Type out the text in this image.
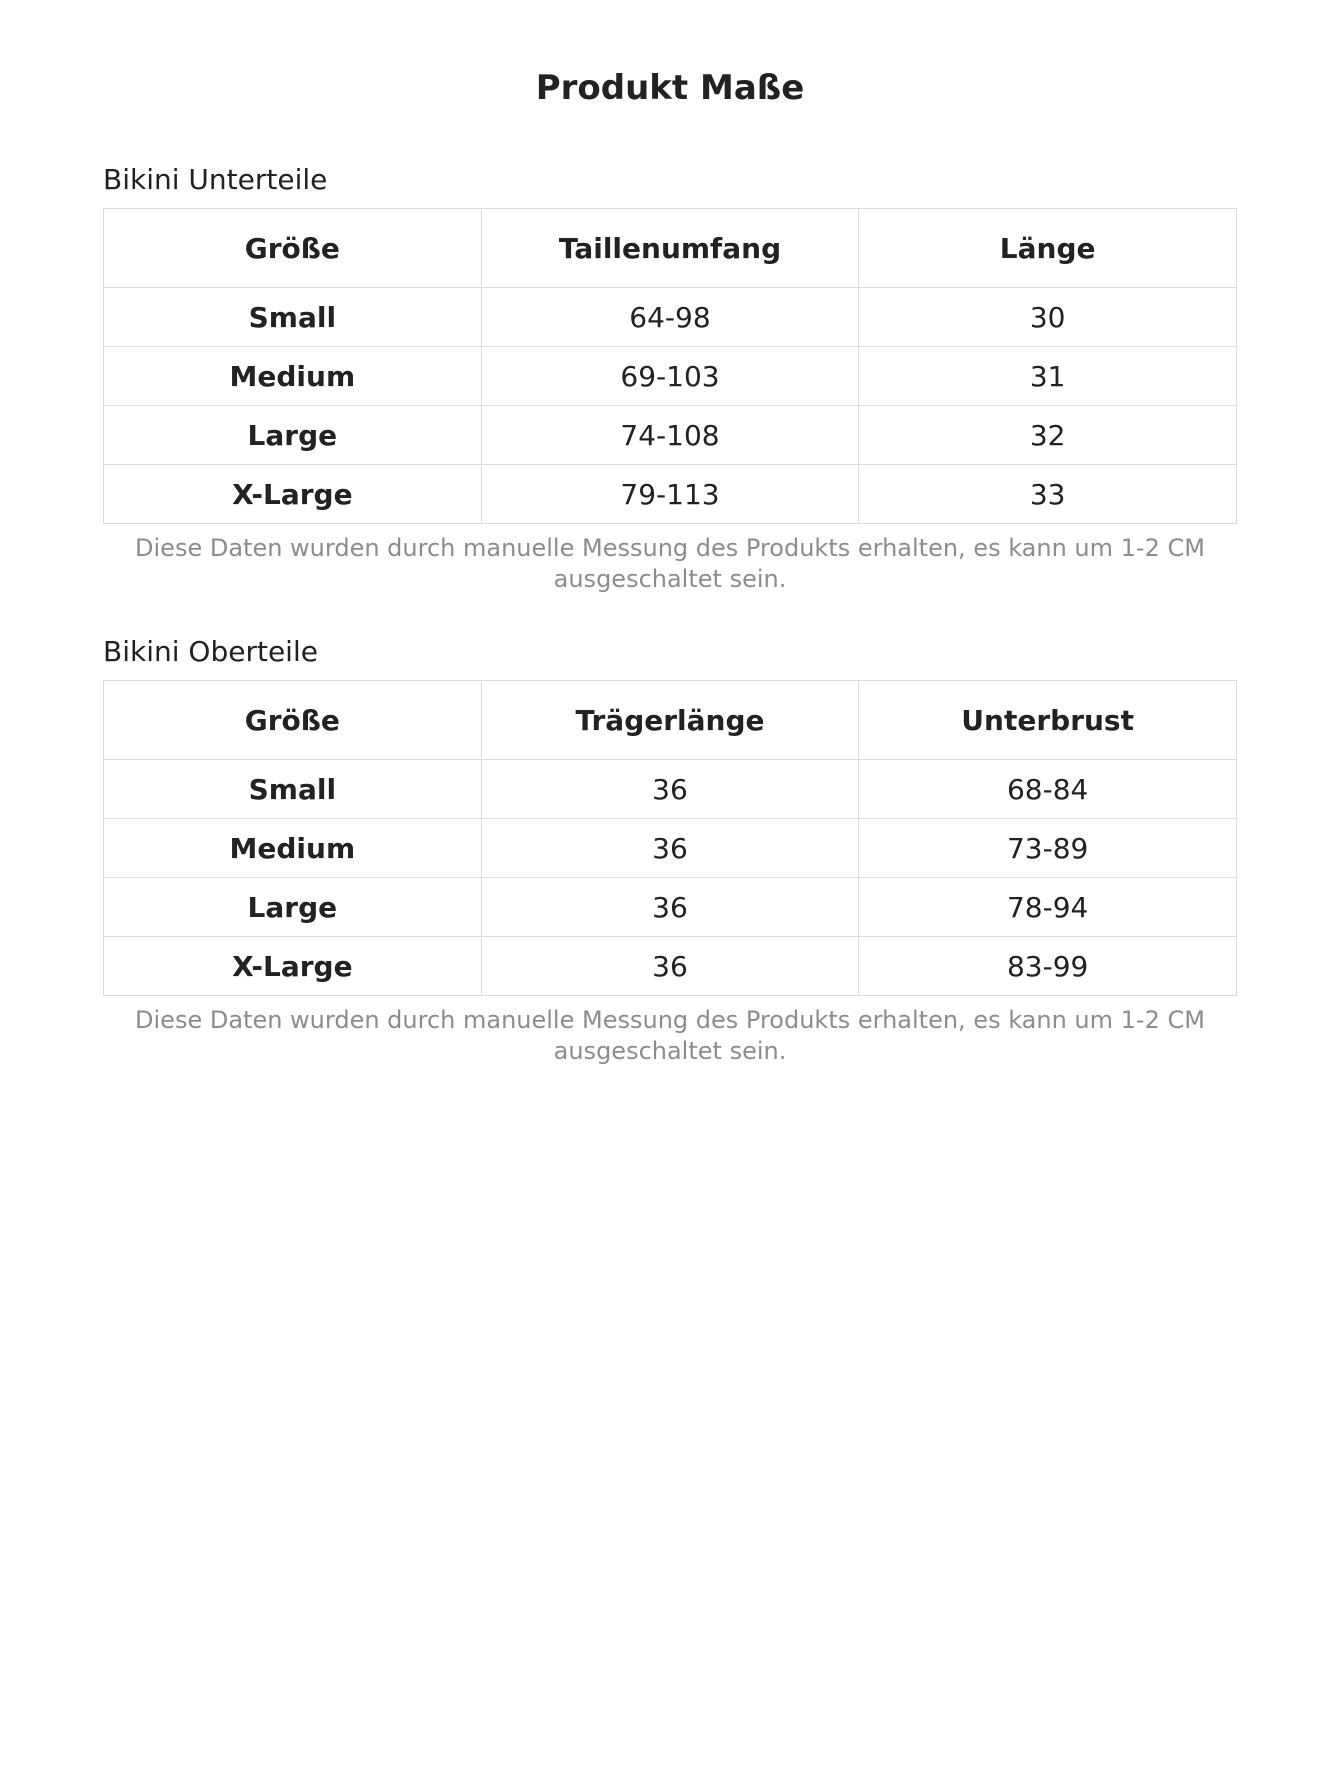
Produkt Maße
Bikini Unterteile
Größe	Taillenumfang	Länge
Small	64-98	30
Medium	69-103	31
Large	74-108	32
X-Large	79-113	33
Diese Daten wurden durch manuelle Messung des Produkts erhalten, es kann um 1-2 CM ausgeschaltet sein.
Bikini Oberteile
Größe	Trägerlänge	Unterbrust
Small	36	68-84
Medium	36	73-89
Large	36	78-94
X-Large	36	83-99
Diese Daten wurden durch manuelle Messung des Produkts erhalten, es kann um 1-2 CM ausgeschaltet sein.
